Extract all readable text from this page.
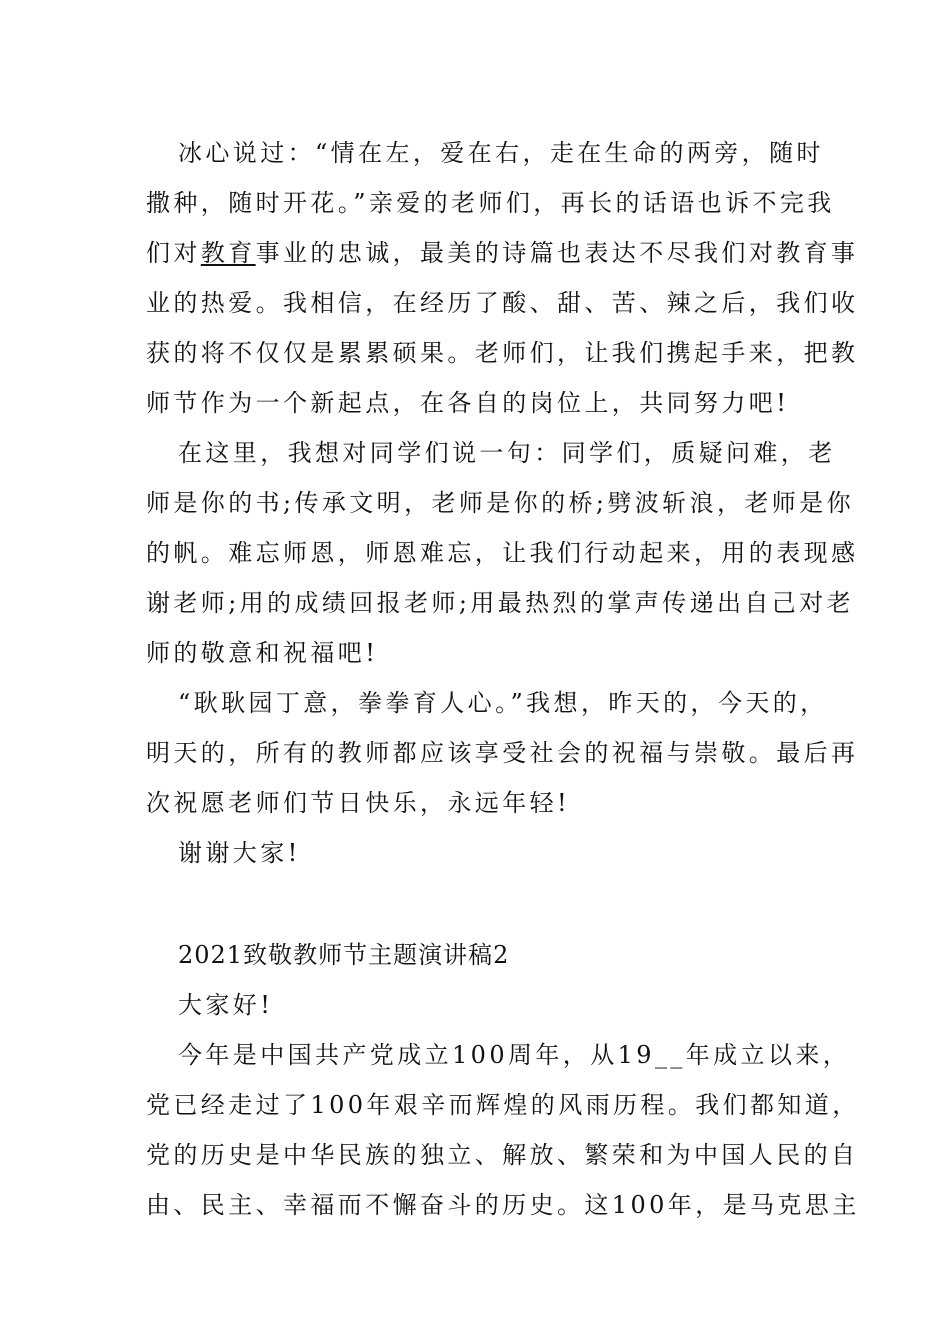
冰心说过：“情在左，爱在右，走在生命的两旁，随时
撒种，随时开花。”亲爱的老师们，再长的话语也诉不完我
们对教育事业的忠诚，最美的诗篇也表达不尽我们对教育事
业的热爱。我相信，在经历了酸、甜、苦、辣之后，我们收
获的将不仅仅是累累硕果。老师们，让我们携起手来，把教
师节作为一个新起点，在各自的岗位上，共同努力吧!
在这里，我想对同学们说一句：同学们，质疑问难，老
师是你的书;传承文明，老师是你的桥;劈波斩浪，老师是你
的帆。难忘师恩，师恩难忘，让我们行动起来，用的表现感
谢老师;用的成绩回报老师;用最热烈的掌声传递出自己对老
师的敬意和祝福吧!
“耿耿园丁意，拳拳育人心。”我想，昨天的，今天的，
明天的，所有的教师都应该享受社会的祝福与崇敬。最后再
次祝愿老师们节日快乐，永远年轻!
谢谢大家!
2021致敬教师节主题演讲稿2
大家好!
今年是中国共产党成立100周年，从19__年成立以来，
党已经走过了100年艰辛而辉煌的风雨历程。我们都知道，
党的历史是中华民族的独立、解放、繁荣和为中国人民的自
由、民主、幸福而不懈奋斗的历史。这100年，是马克思主
